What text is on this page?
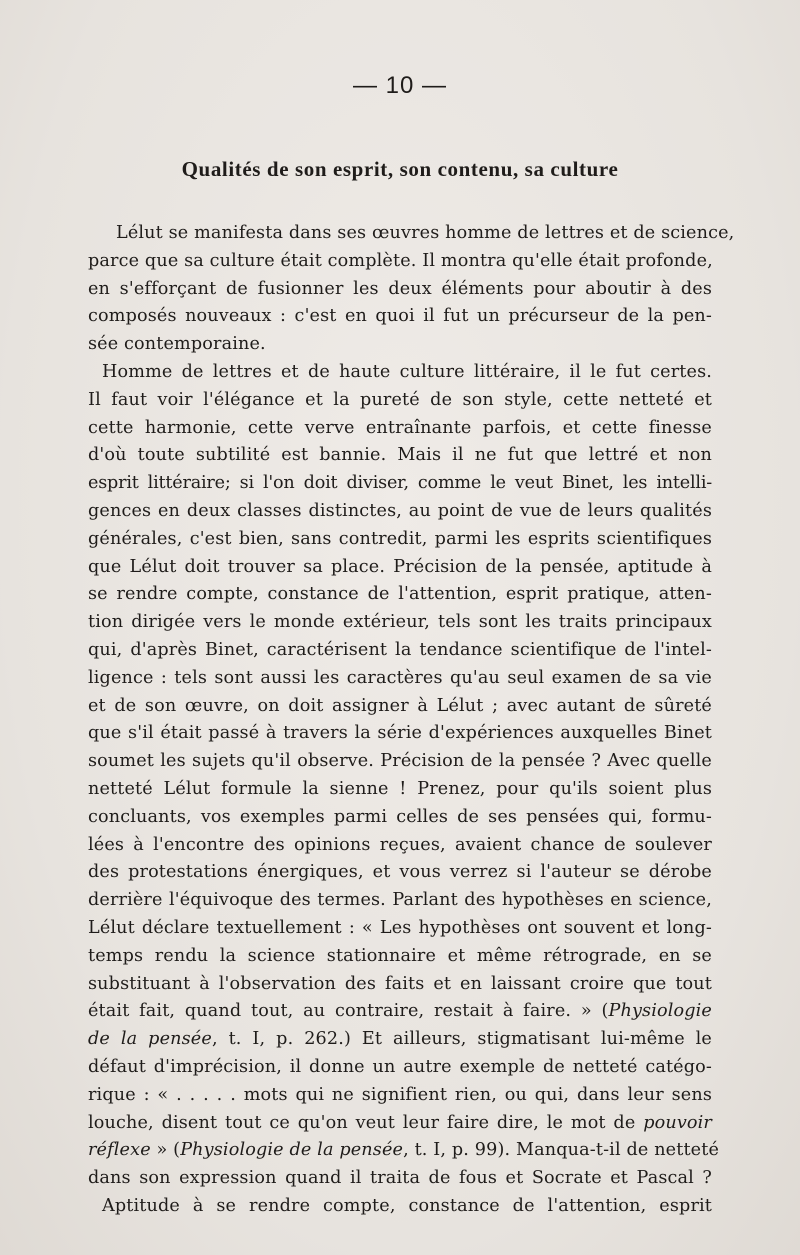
— 10 —
Qualités de son esprit, son contenu, sa culture
Lélut se manifesta dans ses œuvres homme de lettres et de science,
parce que sa culture était complète. Il montra qu'elle était profonde,
en s'efforçant de fusionner les deux éléments pour aboutir à des
composés nouveaux : c'est en quoi il fut un précurseur de la pen-
sée contemporaine.
Homme de lettres et de haute culture littéraire, il le fut certes.
Il faut voir l'élégance et la pureté de son style, cette netteté et
cette harmonie, cette verve entraînante parfois, et cette finesse
d'où toute subtilité est bannie. Mais il ne fut que lettré et non
esprit littéraire; si l'on doit diviser, comme le veut Binet, les intelli-
gences en deux classes distinctes, au point de vue de leurs qualités
générales, c'est bien, sans contredit, parmi les esprits scientifiques
que Lélut doit trouver sa place. Précision de la pensée, aptitude à
se rendre compte, constance de l'attention, esprit pratique, atten-
tion dirigée vers le monde extérieur, tels sont les traits principaux
qui, d'après Binet, caractérisent la tendance scientifique de l'intel-
ligence : tels sont aussi les caractères qu'au seul examen de sa vie
et de son œuvre, on doit assigner à Lélut ; avec autant de sûreté
que s'il était passé à travers la série d'expériences auxquelles Binet
soumet les sujets qu'il observe. Précision de la pensée ? Avec quelle
netteté Lélut formule la sienne ! Prenez, pour qu'ils soient plus
concluants, vos exemples parmi celles de ses pensées qui, formu-
lées à l'encontre des opinions reçues, avaient chance de soulever
des protestations énergiques, et vous verrez si l'auteur se dérobe
derrière l'équivoque des termes. Parlant des hypothèses en science,
Lélut déclare textuellement : « Les hypothèses ont souvent et long-
temps rendu la science stationnaire et même rétrograde, en se
substituant à l'observation des faits et en laissant croire que tout
était fait, quand tout, au contraire, restait à faire. » (Physiologie
de la pensée, t. I, p. 262.) Et ailleurs, stigmatisant lui-même le
défaut d'imprécision, il donne un autre exemple de netteté catégo-
rique : « . . . . . mots qui ne signifient rien, ou qui, dans leur sens
louche, disent tout ce qu'on veut leur faire dire, le mot de pouvoir
réflexe » (Physiologie de la pensée, t. I, p. 99). Manqua-t-il de netteté
dans son expression quand il traita de fous et Socrate et Pascal ?
Aptitude à se rendre compte, constance de l'attention, esprit
